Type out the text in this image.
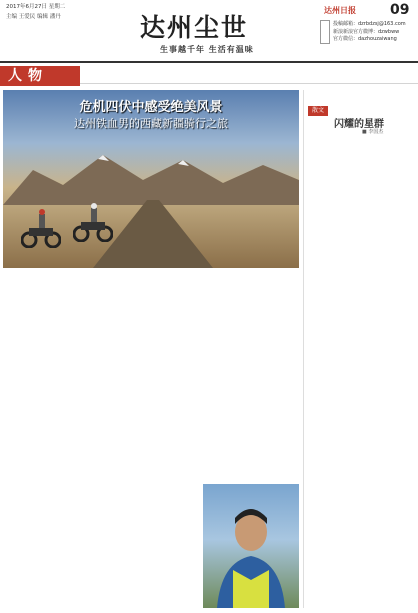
2017年6月27日 星期二
主编 王爱民 编辑 潘丹	达州尘世
生事越千年 生活有温味
达州日报 09
投稿邮箱：dzrbdzsj@163.com
新浪新浪官方微博：dzwbww
官方微信：dazhouzaiwang
人物
危机四伏中感受绝美风景
达州铁血男的西藏新疆骑行之旅
散文
闪耀的星群
■ 李国杰
